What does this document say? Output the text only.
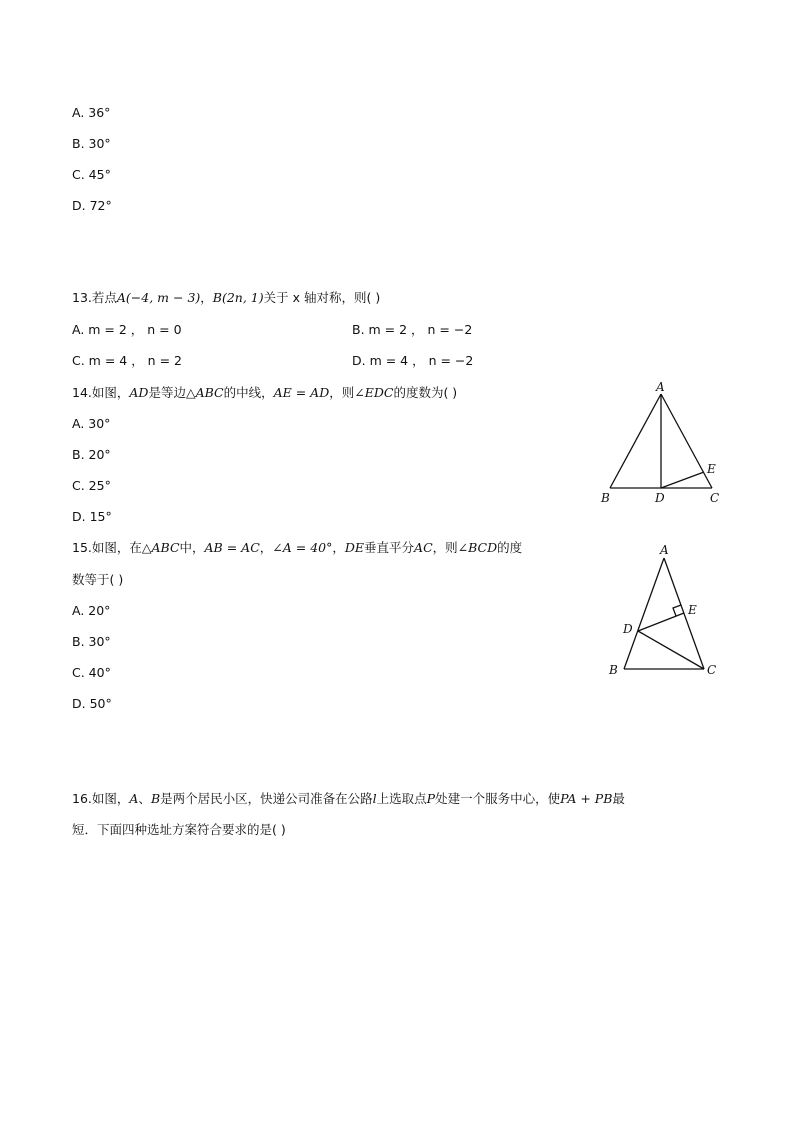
A. 36°
B. 30°
C. 45°
D. 72°
13.若点A(−4, m − 3)，B(2n, 1)关于 x 轴对称，则( )
A. m = 2 ， n = 0	B. m = 2 ， n = −2
C. m = 4 ， n = 2	D. m = 4 ， n = −2
14.如图，AD是等边△ABC的中线，AE = AD，则∠EDC的度数为( )
A. 30°
B. 20°
C. 25°
D. 15°
A
B	C
D
E
15.如图，在△ABC中，AB = AC，∠A = 40°，DE垂直平分AC，则∠BCD的度
数等于( )
A. 20°
B. 30°
C. 40°
D. 50°
A
B	C
D
E
16.如图，A、B是两个居民小区，快递公司准备在公路l上选取点P处建一个服务中心，使PA + PB最
短．下面四种选址方案符合要求的是( )
